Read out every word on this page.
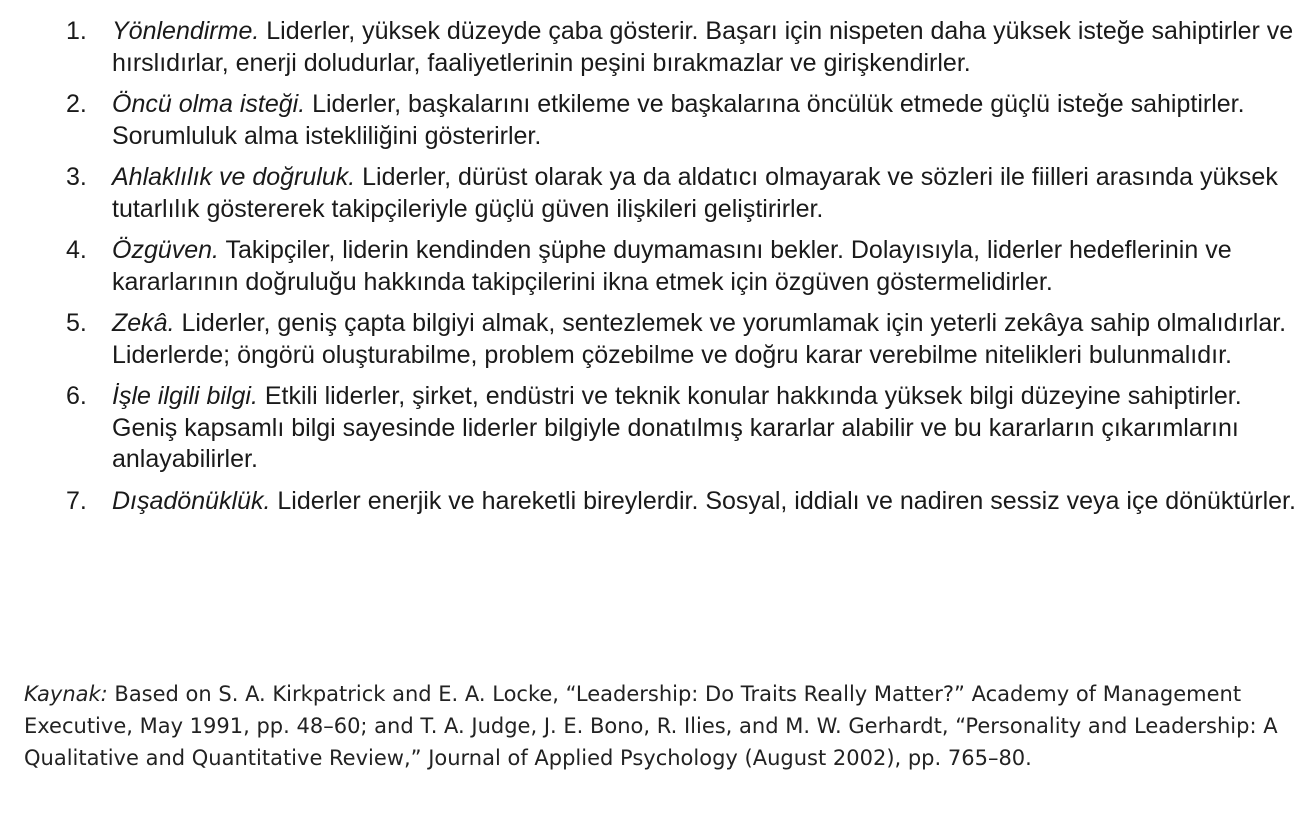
1. Yönlendirme. Liderler, yüksek düzeyde çaba gösterir. Başarı için nispeten daha yüksek isteğe sahiptirler ve hırslıdırlar, enerji doludurlar, faaliyetlerinin peşini bırakmazlar ve girişkendirler.
2. Öncü olma isteği. Liderler, başkalarını etkileme ve başkalarına öncülük etmede güçlü isteğe sahiptirler. Sorumluluk alma istekliliğini gösterirler.
3. Ahlaklılık ve doğruluk. Liderler, dürüst olarak ya da aldatıcı olmayarak ve sözleri ile fiilleri arasında yüksek tutarlılık göstererek takipçileriyle güçlü güven ilişkileri geliştirirler.
4. Özgüven. Takipçiler, liderin kendinden şüphe duymamasını bekler. Dolayısıyla, liderler hedeflerinin ve kararlarının doğruluğu hakkında takipçilerini ikna etmek için özgüven göstermelidirler.
5. Zekâ. Liderler, geniş çapta bilgiyi almak, sentezlemek ve yorumlamak için yeterli zekâya sahip olmalıdırlar. Liderlerde; öngörü oluşturabilme, problem çözebilme ve doğru karar verebilme nitelikleri bulunmalıdır.
6. İşle ilgili bilgi. Etkili liderler, şirket, endüstri ve teknik konular hakkında yüksek bilgi düzeyine sahiptirler. Geniş kapsamlı bilgi sayesinde liderler bilgiyle donatılmış kararlar alabilir ve bu kararların çıkarımlarını anlayabilirler.
7. Dışadönüklük. Liderler enerjik ve hareketli bireylerdir. Sosyal, iddialı ve nadiren sessiz veya içe dönüktürler.

Kaynak: Based on S. A. Kirkpatrick and E. A. Locke, “Leadership: Do Traits Really Matter?” Academy of Management Executive, May 1991, pp. 48–60; and T. A. Judge, J. E. Bono, R. Ilies, and M. W. Gerhardt, “Personality and Leadership: A Qualitative and Quantitative Review,” Journal of Applied Psychology (August 2002), pp. 765–80.
